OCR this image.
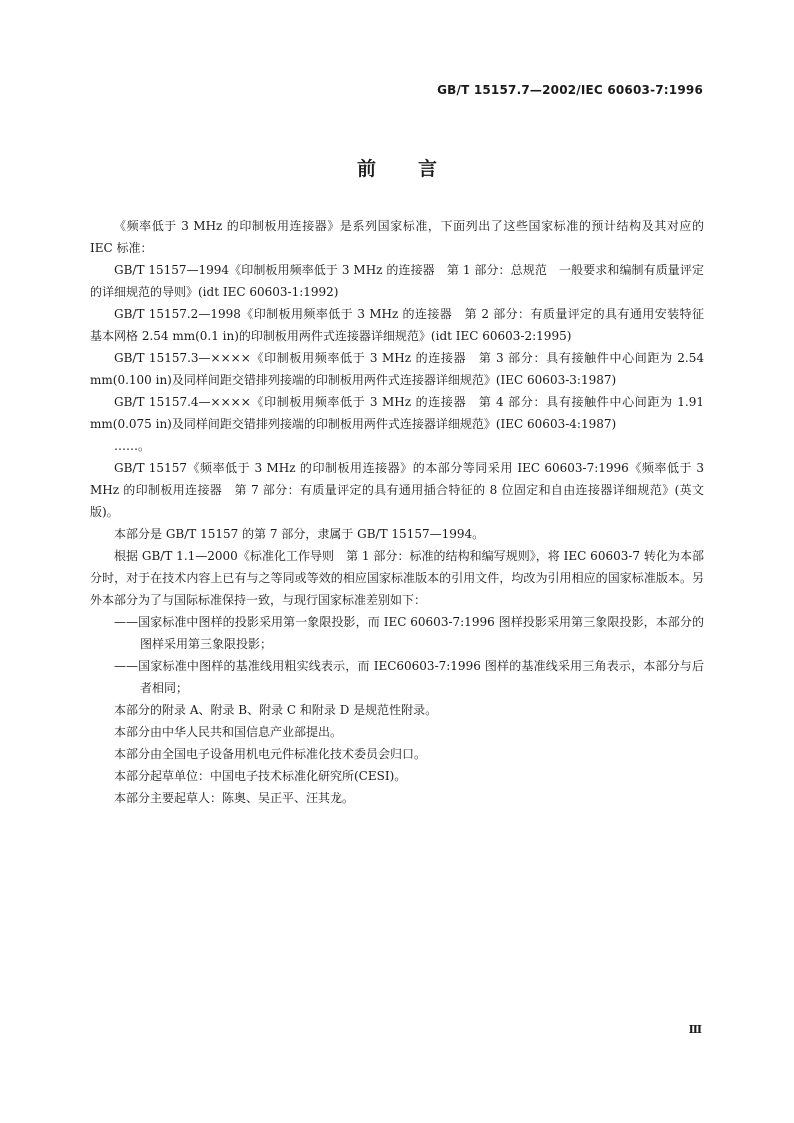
GB/T 15157.7—2002/IEC 60603-7:1996
前言

《频率低于 3 MHz 的印制板用连接器》是系列国家标准，下面列出了这些国家标准的预计结构及其对应的 IEC 标准：

GB/T 15157—1994《印制板用频率低于 3 MHz 的连接器　第 1 部分：总规范　一般要求和编制有质量评定的详细规范的导则》(idt IEC 60603-1:1992)

GB/T 15157.2—1998《印制板用频率低于 3 MHz 的连接器　第 2 部分：有质量评定的具有通用安装特征　基本网格 2.54 mm(0.1 in)的印制板用两件式连接器详细规范》(idt IEC 60603-2:1995)

GB/T 15157.3—××××《印制板用频率低于 3 MHz 的连接器　第 3 部分：具有接触件中心间距为 2.54 mm(0.100 in)及同样间距交错排列接端的印制板用两件式连接器详细规范》(IEC 60603-3:1987)

GB/T 15157.4—××××《印制板用频率低于 3 MHz 的连接器　第 4 部分：具有接触件中心间距为 1.91 mm(0.075 in)及同样间距交错排列接端的印制板用两件式连接器详细规范》(IEC 60603-4:1987)

……。

GB/T 15157《频率低于 3 MHz 的印制板用连接器》的本部分等同采用 IEC 60603-7:1996《频率低于 3 MHz 的印制板用连接器　第 7 部分：有质量评定的具有通用插合特征的 8 位固定和自由连接器详细规范》(英文版)。

本部分是 GB/T 15157 的第 7 部分，隶属于 GB/T 15157—1994。

根据 GB/T 1.1—2000《标准化工作导则　第 1 部分：标准的结构和编写规则》，将 IEC 60603-7 转化为本部分时，对于在技术内容上已有与之等同或等效的相应国家标准版本的引用文件，均改为引用相应的国家标准版本。另外本部分为了与国际标准保持一致，与现行国家标准差别如下：

——国家标准中图样的投影采用第一象限投影，而 IEC 60603-7:1996 图样投影采用第三象限投影，本部分的图样采用第三象限投影；

——国家标准中图样的基准线用粗实线表示，而 IEC60603-7:1996 图样的基准线采用三角表示，本部分与后者相同；

本部分的附录 A、附录 B、附录 C 和附录 D 是规范性附录。

本部分由中华人民共和国信息产业部提出。

本部分由全国电子设备用机电元件标准化技术委员会归口。

本部分起草单位：中国电子技术标准化研究所(CESI)。

本部分主要起草人：陈奥、吴正平、汪其龙。

Ⅲ
